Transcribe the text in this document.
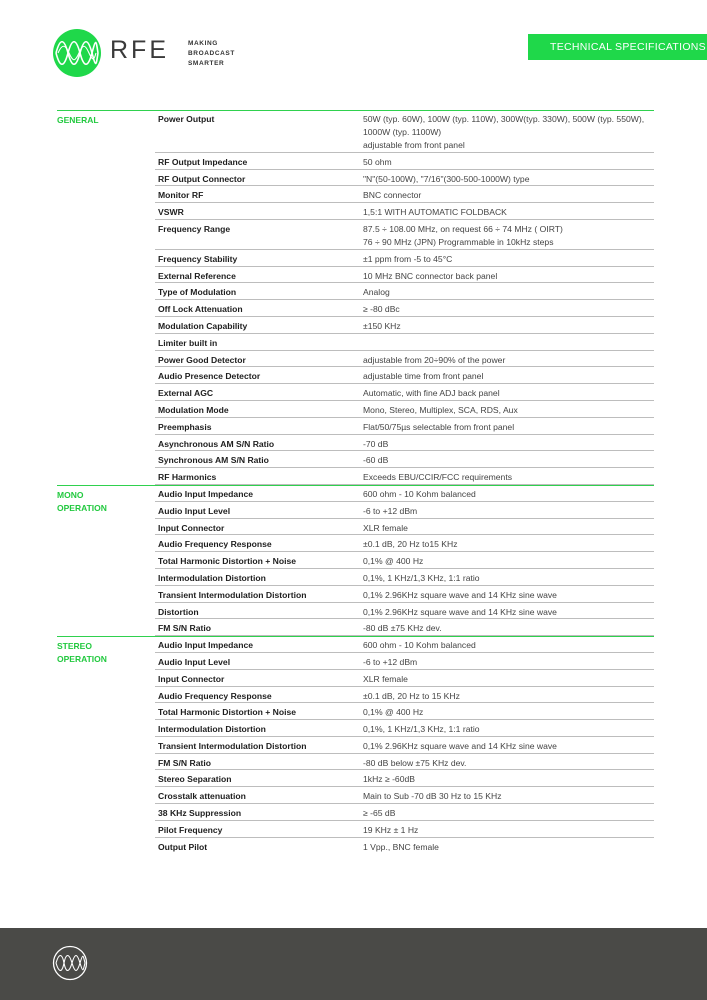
RFE	MAKING
BROADCAST
SMARTER
TECHNICAL SPECIFICATIONS
GENERAL	Power Output	50W (typ. 60W), 100W (typ. 110W), 300W(typ. 330W), 500W (typ. 550W), 1000W (typ. 1100W)
adjustable from front panel
RF Output Impedance	50 ohm
RF Output Connector	"N"(50-100W), "7/16"(300-500-1000W) type
Monitor RF	BNC connector
VSWR	1,5:1 WITH AUTOMATIC FOLDBACK
Frequency Range	87.5 ÷ 108.00 MHz, on request 66 ÷ 74 MHz ( OIRT)
76 ÷ 90 MHz (JPN) Programmable in 10kHz steps
Frequency Stability	±1 ppm from -5 to 45°C
External Reference	10 MHz BNC connector back panel
Type of Modulation	Analog
Off Lock Attenuation	≥ -80 dBc
Modulation Capability	±150 KHz
Limiter built in
Power Good Detector	adjustable from 20÷90% of the power
Audio Presence Detector	adjustable time from front panel
External AGC	Automatic, with fine ADJ back panel
Modulation Mode	Mono, Stereo, Multiplex, SCA, RDS, Aux
Preemphasis	Flat/50/75µs selectable from front panel
Asynchronous AM S/N Ratio	-70 dB
Synchronous AM S/N Ratio	-60 dB
RF Harmonics	Exceeds EBU/CCIR/FCC requirements
MONO
OPERATION
Audio Input Impedance	600 ohm - 10 Kohm balanced
Audio Input Level	-6 to +12 dBm
Input Connector	XLR female
Audio Frequency Response	±0.1 dB, 20 Hz to15 KHz
Total Harmonic Distortion + Noise	0,1% @ 400 Hz
Intermodulation Distortion	0,1%, 1 KHz/1,3 KHz, 1:1 ratio
Transient Intermodulation Distortion	0,1% 2.96KHz square wave and 14 KHz sine wave
Distortion	0,1% 2.96KHz square wave and 14 KHz sine wave
FM S/N Ratio	-80 dB ±75 KHz dev.
STEREO
OPERATION
Audio Input Impedance	600 ohm - 10 Kohm balanced
Audio Input Level	-6 to +12 dBm
Input Connector	XLR female
Audio Frequency Response	±0.1 dB, 20 Hz to 15 KHz
Total Harmonic Distortion + Noise	0,1% @ 400 Hz
Intermodulation Distortion	0,1%, 1 KHz/1,3 KHz, 1:1 ratio
Transient Intermodulation Distortion	0,1% 2.96KHz square wave and 14 KHz sine wave
FM S/N Ratio	-80 dB below ±75 KHz dev.
Stereo Separation	1kHz ≥ -60dB
Crosstalk attenuation	Main to Sub -70 dB 30 Hz to 15 KHz
38 KHz Suppression	≥ -65 dB
Pilot Frequency	19 KHz ± 1 Hz
Output Pilot	1 Vpp., BNC female
